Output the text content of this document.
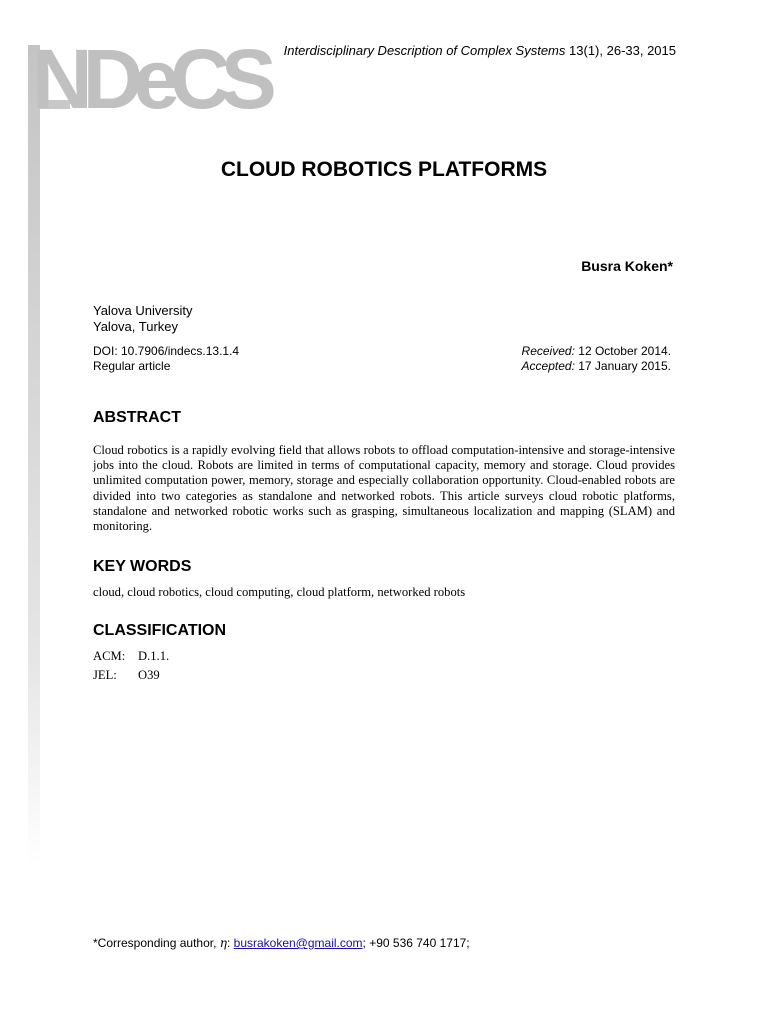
NDeCS	Interdisciplinary Description of Complex Systems 13(1), 26-33, 2015
CLOUD ROBOTICS PLATFORMS
Busra Koken*
Yalova University
Yalova, Turkey
DOI: 10.7906/indecs.13.1.4
Regular article
Received: 12 October 2014.
Accepted: 17 January 2015.
ABSTRACT
Cloud robotics is a rapidly evolving field that allows robots to offload computation-intensive and storage-intensive jobs into the cloud. Robots are limited in terms of computational capacity, memory and storage. Cloud provides unlimited computation power, memory, storage and especially collaboration opportunity. Cloud-enabled robots are divided into two categories as standalone and networked robots. This article surveys cloud robotic platforms, standalone and networked robotic works such as grasping, simultaneous localization and mapping (SLAM) and monitoring.
KEY WORDS
cloud, cloud robotics, cloud computing, cloud platform, networked robots
CLASSIFICATION
ACM: D.1.1.
JEL: O39
*Corresponding author, η: busrakoken@gmail.com; +90 536 740 1717;
